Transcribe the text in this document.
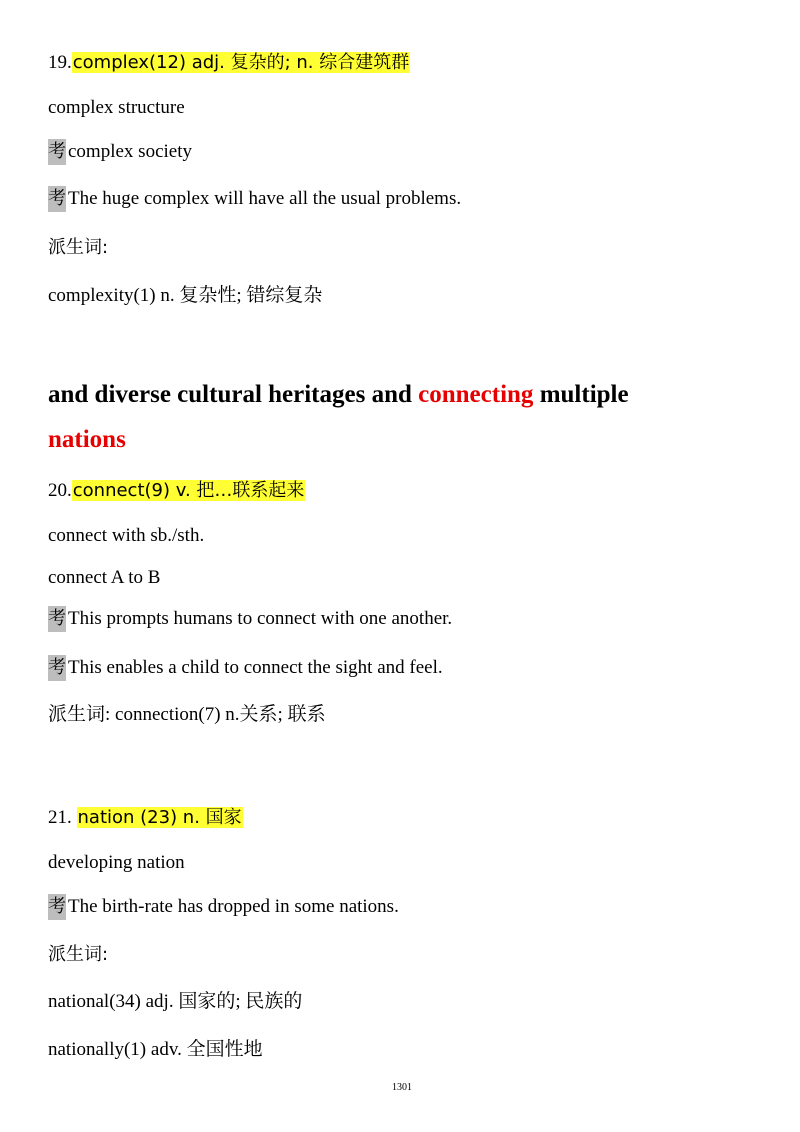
19.complex(12) adj. 复杂的; n. 综合建筑群
complex structure
考 complex society
考 The huge complex will have all the usual problems.
派生词:
complexity(1) n. 复杂性; 错综复杂
and diverse cultural heritages and connecting multiple
nations
20.connect(9) v. 把…联系起来
connect with sb./sth.
connect A to B
考 This prompts humans to connect with one another.
考 This enables a child to connect the sight and feel.
派生词: connection(7) n.关系; 联系
21. nation (23) n. 国家
developing nation
考 The birth-rate has dropped in some nations.
派生词:
national(34) adj. 国家的; 民族的
nationally(1) adv. 全国性地
1301
